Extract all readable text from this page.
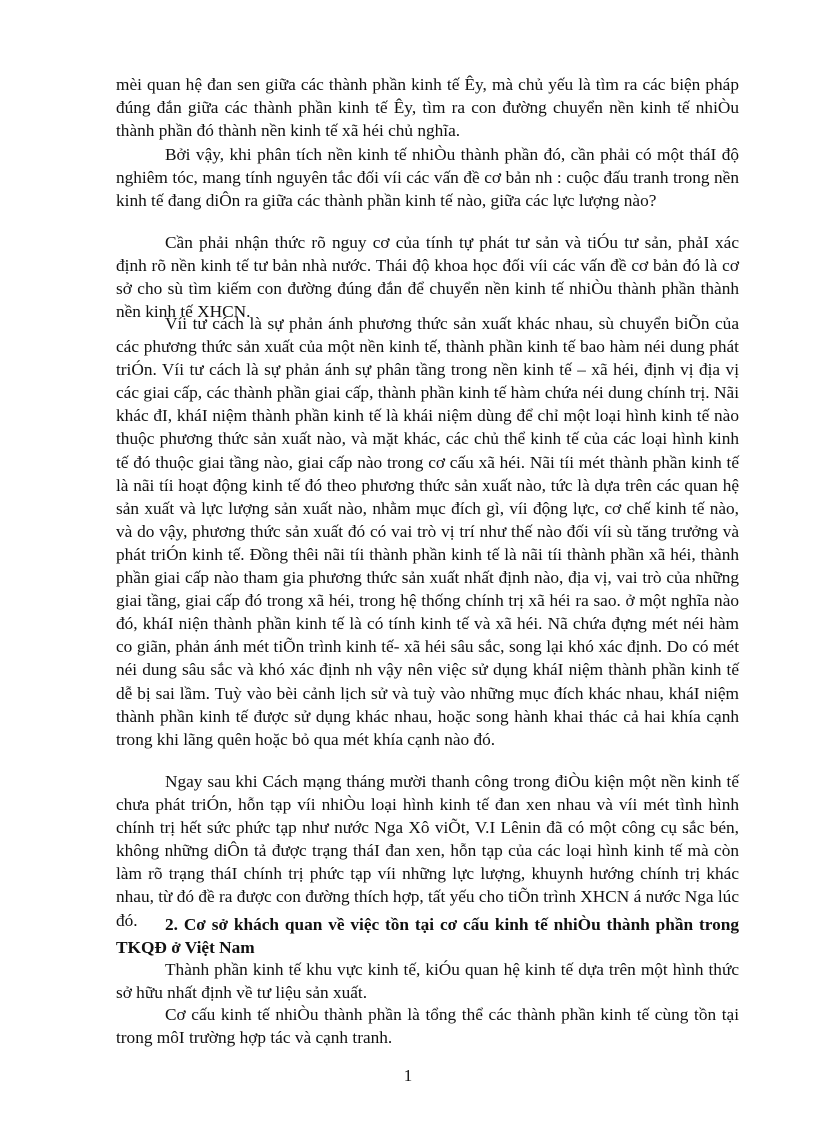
mèi quan hệ đan sen giữa các thành phần kinh tế Êy, mà chủ yếu là tìm ra các biện pháp đúng đắn giữa các thành phần kinh tế Êy, tìm ra con đường chuyển nền kinh tế nhiÒu thành phần đó thành nền kinh tế xã héi chủ nghĩa.

Bởi vậy, khi phân tích nền kinh tế nhiÒu thành phần đó, cần phải có một tháI độ nghiêm tóc, mang tính nguyên tắc đối víi các vấn đề cơ bản nh : cuộc đấu tranh trong nền kinh tế đang diÔn ra giữa các thành phần kinh tế nào, giữa các lực lượng nào?

Cần phải nhận thức rõ nguy cơ của tính tự phát tư sản và tiÓu tư sản, phảI xác định rõ nền kinh tế tư bản nhà nước. Thái độ khoa học đối víi các vấn đề cơ bản đó là cơ sở cho sù tìm kiếm con đường đúng đắn để chuyển nền kinh tế nhiÒu thành phần thành nền kinh tế XHCN.

Víi tư cách là sự phản ánh phương thức sản xuất khác nhau, sù chuyển biÕn của các phương thức sản xuất của một nền kinh tế, thành phần kinh tế bao hàm néi dung phát triÓn. Víi tư cách là sự phản ánh sự phân tầng trong nền kinh tế – xã héi, định vị địa vị các giai cấp, các thành phần giai cấp, thành phần kinh tế hàm chứa néi dung chính trị. Nãi khác đI, kháI niệm thành phần kinh tế là khái niệm dùng để chỉ một loại hình kinh tế nào thuộc phương thức sản xuất nào, và mặt khác, các chủ thể kinh tế của các loại hình kinh tế đó thuộc giai tầng nào, giai cấp nào trong cơ cấu xã héi. Nãi tíi mét thành phần kinh tế là nãi tíi hoạt động kinh tế đó theo phương thức sản xuất nào, tức là dựa trên các quan hệ sản xuất và lực lượng sản xuất nào, nhằm mục đích gì, víi động lực, cơ chế kinh tế nào, và do vậy, phương thức sản xuất đó có vai trò vị trí như thế nào đối víi sù tăng trưởng và phát triÓn kinh tế. Đồng thêi nãi tíi thành phần kinh tế là nãi tíi thành phần xã héi, thành phần giai cấp nào tham gia phương thức sản xuất nhất định nào, địa vị, vai trò của những giai tầng, giai cấp đó trong xã héi, trong hệ thống chính trị xã héi ra sao. ở một nghĩa nào đó, kháI niện thành phần kinh tế là có tính kinh tế và xã héi. Nã chứa đựng mét néi hàm co giãn, phản ánh mét tiÕn trình kinh tế- xã héi sâu sắc, song lại khó xác định. Do có mét néi dung sâu sắc và khó xác định nh vậy nên việc sử dụng kháI niệm thành phần kinh tế dễ bị sai lầm. Tuỳ vào bèi cảnh lịch sử và tuỳ vào những mục đích khác nhau, kháI niệm thành phần kinh tế được sử dụng khác nhau, hoặc song hành khai thác cả hai khía cạnh trong khi lãng quên hoặc bỏ qua mét khía cạnh nào đó.

Ngay sau khi Cách mạng tháng mười thanh công trong điÒu kiện một nền kinh tế chưa phát triÓn, hỗn tạp víi nhiÒu loại hình kinh tế đan xen nhau và víi mét tình hình chính trị hết sức phức tạp như nước Nga Xô viÕt, V.I Lênin đã có một công cụ sắc bén, không những diÔn tả được trạng tháI đan xen, hỗn tạp của các loại hình kinh tế mà còn làm rõ trạng tháI chính trị phức tạp víi những lực lượng, khuynh hướng chính trị khác nhau, từ đó đề ra được con đường thích hợp, tất yếu cho tiÕn trình XHCN á nước Nga lúc đó.	2. Cơ sở khách quan về việc tồn tại cơ cấu kinh tế nhiÒu thành phần trong TKQĐ ở Việt Nam

Thành phần kinh tế khu vực kinh tế, kiÓu quan hệ kinh tế dựa trên một hình thức sở hữu nhất định về tư liệu sản xuất.

Cơ cấu kinh tế nhiÒu thành phần là tổng thể các thành phần kinh tế cùng tồn tại trong môI trường hợp tác và cạnh tranh.

1
